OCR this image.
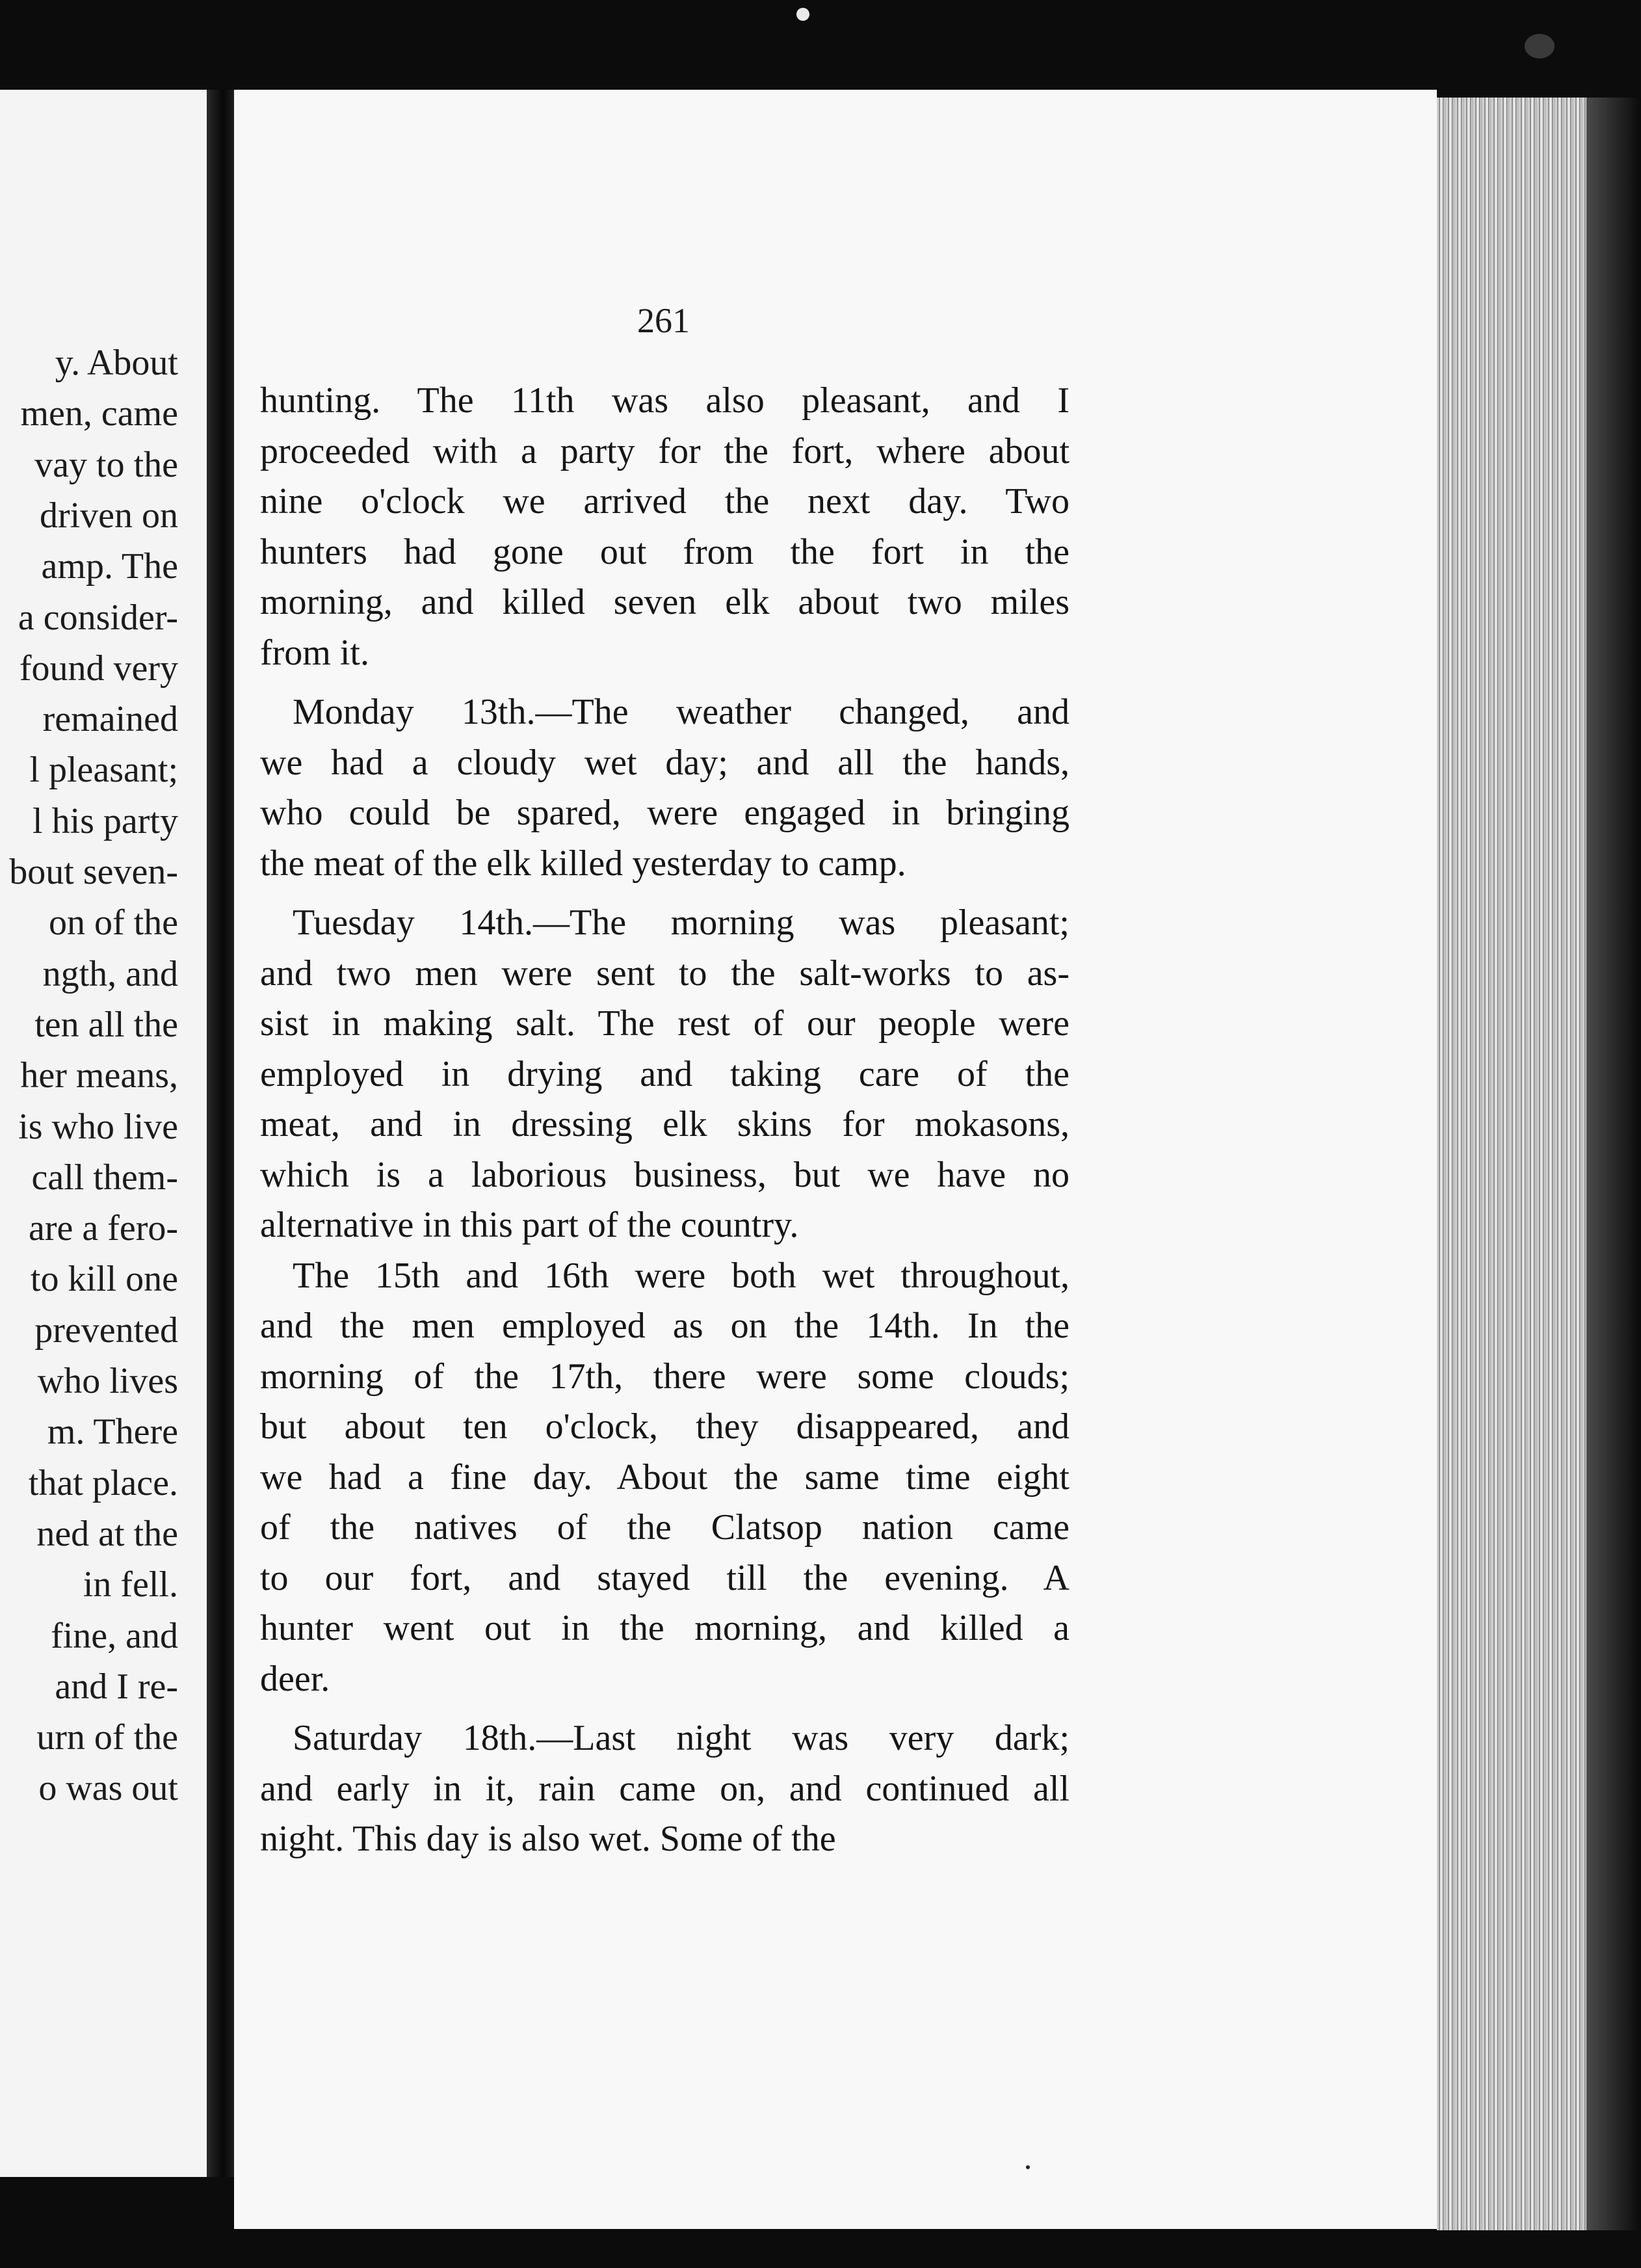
y. About
men, came
vay to the
driven on
amp. The
a consider-
found very
remained
l pleasant;
l his party
bout seven-
on of the
ngth, and
ten all the
her means,
is who live
call them-
are a fero-
to kill one
prevented
who lives
m. There
that place.
ned at the
in fell.
fine, and
and I re-
urn of the
o was out
261
hunting. The 11th was also pleasant, and I
proceeded with a party for the fort, where about
nine o'clock we arrived the next day. Two
hunters had gone out from the fort in the
morning, and killed seven elk about two miles
from it.
Monday 13th.—The weather changed, and
we had a cloudy wet day; and all the hands,
who could be spared, were engaged in bringing
the meat of the elk killed yesterday to camp.
Tuesday 14th.—The morning was pleasant;
and two men were sent to the salt-works to as-
sist in making salt. The rest of our people were
employed in drying and taking care of the
meat, and in dressing elk skins for mokasons,
which is a laborious business, but we have no
alternative in this part of the country.
The 15th and 16th were both wet throughout,
and the men employed as on the 14th. In the
morning of the 17th, there were some clouds;
but about ten o'clock, they disappeared, and
we had a fine day. About the same time eight
of the natives of the Clatsop nation came
to our fort, and stayed till the evening. A
hunter went out in the morning, and killed a
deer.
Saturday 18th.—Last night was very dark;
and early in it, rain came on, and continued all
night. This day is also wet. Some of the
